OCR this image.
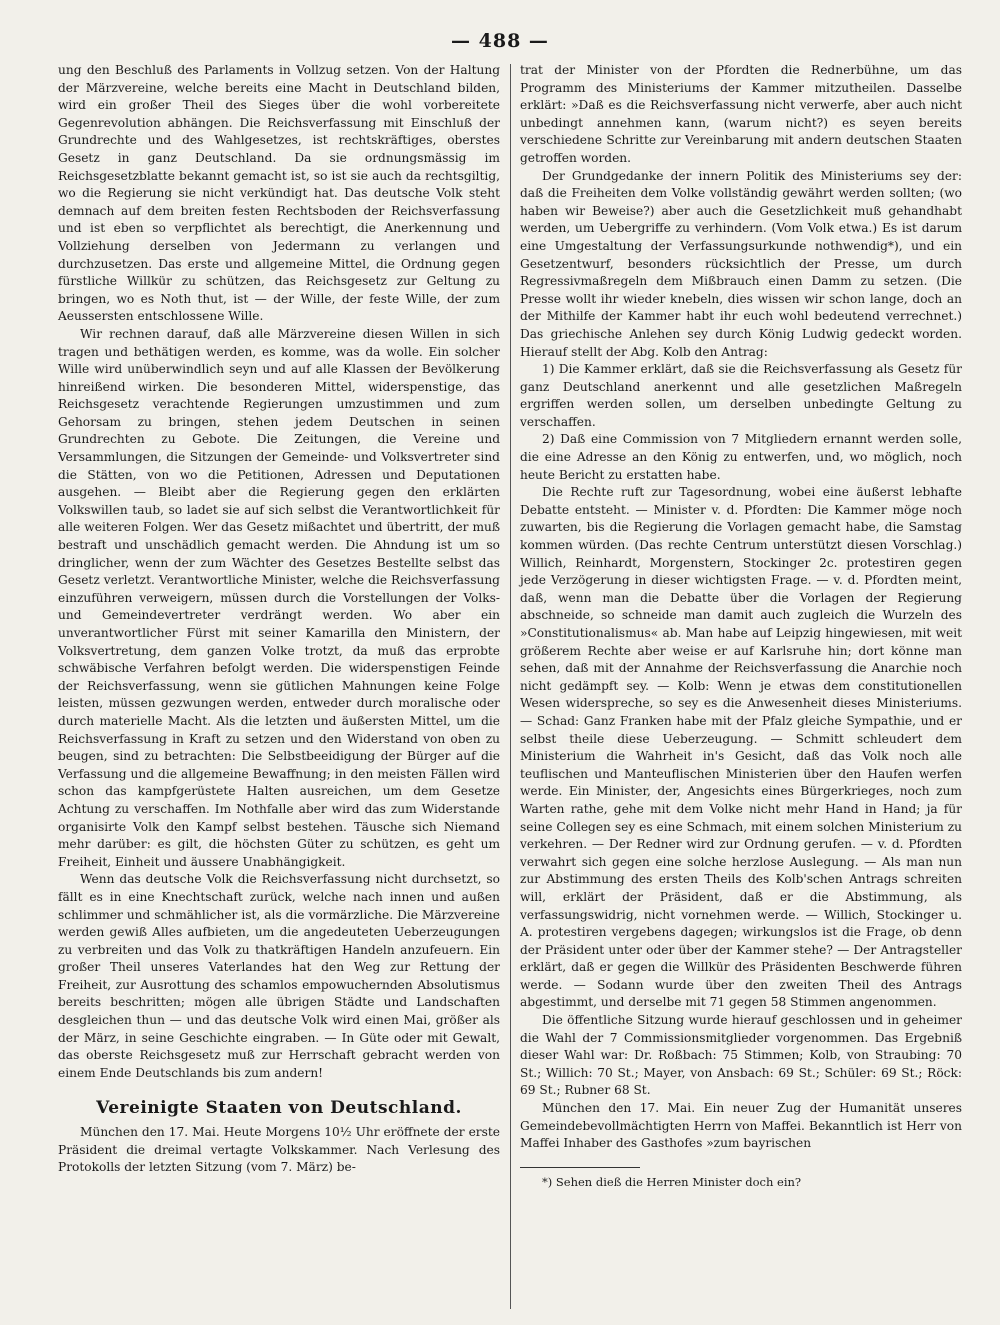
— 488 —

ung den Beschluß des Parlaments in Vollzug setzen. Von der Haltung der Märzvereine, welche bereits eine Macht in Deutschland bilden, wird ein großer Theil des Sieges über die wohl vorbereitete Gegenrevolution abhängen. Die Reichsverfassung mit Einschluß der Grundrechte und des Wahlgesetzes, ist rechtskräftiges, oberstes Gesetz in ganz Deutschland. Da sie ordnungsmässig im Reichsgesetzblatte bekannt gemacht ist, so ist sie auch da rechtsgiltig, wo die Regierung sie nicht verkündigt hat. Das deutsche Volk steht demnach auf dem breiten festen Rechtsboden der Reichsverfassung und ist eben so verpflichtet als berechtigt, die Anerkennung und Vollziehung derselben von Jedermann zu verlangen und durchzusetzen. Das erste und allgemeine Mittel, die Ordnung gegen fürstliche Willkür zu schützen, das Reichsgesetz zur Geltung zu bringen, wo es Noth thut, ist — der Wille, der feste Wille, der zum Aeussersten entschlossene Wille.

Wir rechnen darauf, daß alle Märzvereine diesen Willen in sich tragen und bethätigen werden, es komme, was da wolle. Ein solcher Wille wird unüberwindlich seyn und auf alle Klassen der Bevölkerung hinreißend wirken. Die besonderen Mittel, widerspenstige, das Reichsgesetz verachtende Regierungen umzustimmen und zum Gehorsam zu bringen, stehen jedem Deutschen in seinen Grundrechten zu Gebote. Die Zeitungen, die Vereine und Versammlungen, die Sitzungen der Gemeinde- und Volksvertreter sind die Stätten, von wo die Petitionen, Adressen und Deputationen ausgehen. — Bleibt aber die Regierung gegen den erklärten Volkswillen taub, so ladet sie auf sich selbst die Verantwortlichkeit für alle weiteren Folgen. Wer das Gesetz mißachtet und übertritt, der muß bestraft und unschädlich gemacht werden. Die Ahndung ist um so dringlicher, wenn der zum Wächter des Gesetzes Bestellte selbst das Gesetz verletzt. Verantwortliche Minister, welche die Reichsverfassung einzuführen verweigern, müssen durch die Vorstellungen der Volks- und Gemeindevertreter verdrängt werden. Wo aber ein unverantwortlicher Fürst mit seiner Kamarilla den Ministern, der Volksvertretung, dem ganzen Volke trotzt, da muß das erprobte schwäbische Verfahren befolgt werden. Die widerspenstigen Feinde der Reichsverfassung, wenn sie gütlichen Mahnungen keine Folge leisten, müssen gezwungen werden, entweder durch moralische oder durch materielle Macht. Als die letzten und äußersten Mittel, um die Reichsverfassung in Kraft zu setzen und den Widerstand von oben zu beugen, sind zu betrachten: Die Selbstbeeidigung der Bürger auf die Verfassung und die allgemeine Bewaffnung; in den meisten Fällen wird schon das kampfgerüstete Halten ausreichen, um dem Gesetze Achtung zu verschaffen. Im Nothfalle aber wird das zum Widerstande organisirte Volk den Kampf selbst bestehen. Täusche sich Niemand mehr darüber: es gilt, die höchsten Güter zu schützen, es geht um Freiheit, Einheit und äussere Unabhängigkeit.

Wenn das deutsche Volk die Reichsverfassung nicht durchsetzt, so fällt es in eine Knechtschaft zurück, welche nach innen und außen schlimmer und schmählicher ist, als die vormärzliche. Die Märzvereine werden gewiß Alles aufbieten, um die angedeuteten Ueberzeugungen zu verbreiten und das Volk zu thatkräftigen Handeln anzufeuern. Ein großer Theil unseres Vaterlandes hat den Weg zur Rettung der Freiheit, zur Ausrottung des schamlos empowuchernden Absolutismus bereits beschritten; mögen alle übrigen Städte und Landschaften desgleichen thun — und das deutsche Volk wird einen Mai, größer als der März, in seine Geschichte eingraben. — In Güte oder mit Gewalt, das oberste Reichsgesetz muß zur Herrschaft gebracht werden von einem Ende Deutschlands bis zum andern!

Vereinigte Staaten von Deutschland.

München den 17. Mai. Heute Morgens 10½ Uhr eröffnete der erste Präsident die dreimal vertagte Volkskammer. Nach Verlesung des Protokolls der letzten Sitzung (vom 7. März) be-

trat der Minister von der Pfordten die Rednerbühne, um das Programm des Ministeriums der Kammer mitzutheilen. Dasselbe erklärt: »Daß es die Reichsverfassung nicht verwerfe, aber auch nicht unbedingt annehmen kann, (warum nicht?) es seyen bereits verschiedene Schritte zur Vereinbarung mit andern deutschen Staaten getroffen worden.

Der Grundgedanke der innern Politik des Ministeriums sey der: daß die Freiheiten dem Volke vollständig gewährt werden sollten; (wo haben wir Beweise?) aber auch die Gesetzlichkeit muß gehandhabt werden, um Uebergriffe zu verhindern. (Vom Volk etwa.) Es ist darum eine Umgestaltung der Verfassungsurkunde nothwendig*), und ein Gesetzentwurf, besonders rücksichtlich der Presse, um durch Regressivmaßregeln dem Mißbrauch einen Damm zu setzen. (Die Presse wollt ihr wieder knebeln, dies wissen wir schon lange, doch an der Mithilfe der Kammer habt ihr euch wohl bedeutend verrechnet.) Das griechische Anlehen sey durch König Ludwig gedeckt worden. Hierauf stellt der Abg. Kolb den Antrag:

1) Die Kammer erklärt, daß sie die Reichsverfassung als Gesetz für ganz Deutschland anerkennt und alle gesetzlichen Maßregeln ergriffen werden sollen, um derselben unbedingte Geltung zu verschaffen.

2) Daß eine Commission von 7 Mitgliedern ernannt werden solle, die eine Adresse an den König zu entwerfen, und, wo möglich, noch heute Bericht zu erstatten habe.

Die Rechte ruft zur Tagesordnung, wobei eine äußerst lebhafte Debatte entsteht. — Minister v. d. Pfordten: Die Kammer möge noch zuwarten, bis die Regierung die Vorlagen gemacht habe, die Samstag kommen würden. (Das rechte Centrum unterstützt diesen Vorschlag.) Willich, Reinhardt, Morgenstern, Stockinger 2c. protestiren gegen jede Verzögerung in dieser wichtigsten Frage. — v. d. Pfordten meint, daß, wenn man die Debatte über die Vorlagen der Regierung abschneide, so schneide man damit auch zugleich die Wurzeln des »Constitutionalismus« ab. Man habe auf Leipzig hingewiesen, mit weit größerem Rechte aber weise er auf Karlsruhe hin; dort könne man sehen, daß mit der Annahme der Reichsverfassung die Anarchie noch nicht gedämpft sey. — Kolb: Wenn je etwas dem constitutionellen Wesen widerspreche, so sey es die Anwesenheit dieses Ministeriums. — Schad: Ganz Franken habe mit der Pfalz gleiche Sympathie, und er selbst theile diese Ueberzeugung. — Schmitt schleudert dem Ministerium die Wahrheit in's Gesicht, daß das Volk noch alle teuflischen und Manteuflischen Ministerien über den Haufen werfen werde. Ein Minister, der, Angesichts eines Bürgerkrieges, noch zum Warten rathe, gehe mit dem Volke nicht mehr Hand in Hand; ja für seine Collegen sey es eine Schmach, mit einem solchen Ministerium zu verkehren. — Der Redner wird zur Ordnung gerufen. — v. d. Pfordten verwahrt sich gegen eine solche herzlose Auslegung. — Als man nun zur Abstimmung des ersten Theils des Kolb'schen Antrags schreiten will, erklärt der Präsident, daß er die Abstimmung, als verfassungswidrig, nicht vornehmen werde. — Willich, Stockinger u. A. protestiren vergebens dagegen; wirkungslos ist die Frage, ob denn der Präsident unter oder über der Kammer stehe? — Der Antragsteller erklärt, daß er gegen die Willkür des Präsidenten Beschwerde führen werde. — Sodann wurde über den zweiten Theil des Antrags abgestimmt, und derselbe mit 71 gegen 58 Stimmen angenommen.

Die öffentliche Sitzung wurde hierauf geschlossen und in geheimer die Wahl der 7 Commissionsmitglieder vorgenommen. Das Ergebniß dieser Wahl war: Dr. Roßbach: 75 Stimmen; Kolb, von Straubing: 70 St.; Willich: 70 St.; Mayer, von Ansbach: 69 St.; Schüler: 69 St.; Röck: 69 St.; Rubner 68 St.

München den 17. Mai. Ein neuer Zug der Humanität unseres Gemeindebevollmächtigten Herrn von Maffei. Bekanntlich ist Herr von Maffei Inhaber des Gasthofes »zum bayrischen

*) Sehen dieß die Herren Minister doch ein?
